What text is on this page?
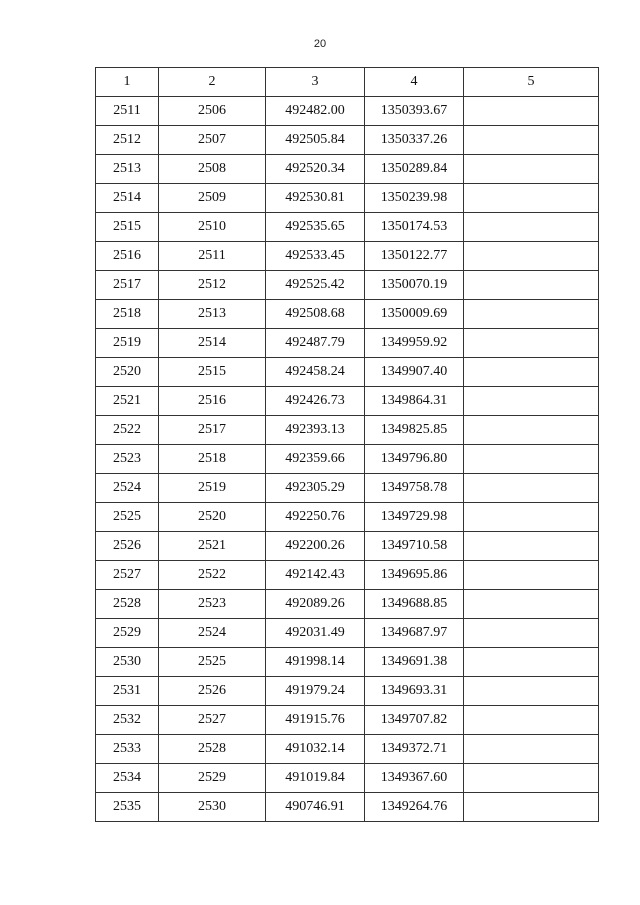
20
1	2	3	4	5
2511	2506	492482.00	1350393.67	
2512	2507	492505.84	1350337.26	
2513	2508	492520.34	1350289.84	
2514	2509	492530.81	1350239.98	
2515	2510	492535.65	1350174.53	
2516	2511	492533.45	1350122.77	
2517	2512	492525.42	1350070.19	
2518	2513	492508.68	1350009.69	
2519	2514	492487.79	1349959.92	
2520	2515	492458.24	1349907.40	
2521	2516	492426.73	1349864.31	
2522	2517	492393.13	1349825.85	
2523	2518	492359.66	1349796.80	
2524	2519	492305.29	1349758.78	
2525	2520	492250.76	1349729.98	
2526	2521	492200.26	1349710.58	
2527	2522	492142.43	1349695.86	
2528	2523	492089.26	1349688.85	
2529	2524	492031.49	1349687.97	
2530	2525	491998.14	1349691.38	
2531	2526	491979.24	1349693.31	
2532	2527	491915.76	1349707.82	
2533	2528	491032.14	1349372.71	
2534	2529	491019.84	1349367.60	
2535	2530	490746.91	1349264.76	
